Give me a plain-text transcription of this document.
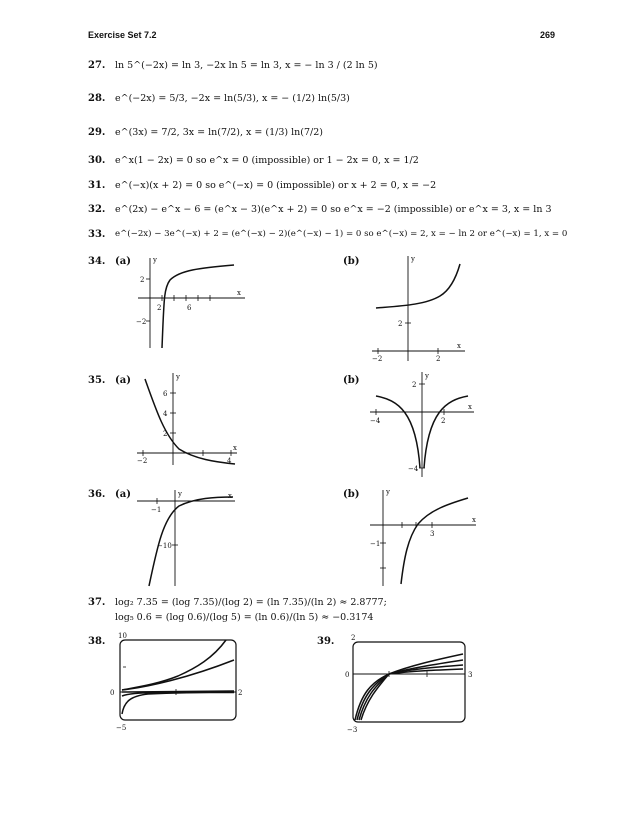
Exercise Set 7.2	269
27. ln 5^(−2x) = ln 3, −2x ln 5 = ln 3, x = − ln 3 / (2 ln 5)
28. e^(−2x) = 5/3, −2x = ln(5/3), x = − (1/2) ln(5/3)
29. e^(3x) = 7/2, 3x = ln(7/2), x = (1/3) ln(7/2)
30. e^x(1 − 2x) = 0 so e^x = 0 (impossible) or 1 − 2x = 0, x = 1/2
31. e^(−x)(x + 2) = 0 so e^(−x) = 0 (impossible) or x + 2 = 0, x = −2
32. e^(2x) − e^x − 6 = (e^x − 3)(e^x + 2) = 0 so e^x = −2 (impossible) or e^x = 3, x = ln 3
33. e^(−2x) − 3e^(−x) + 2 = (e^(−x) − 2)(e^(−x) − 1) = 0 so e^(−x) = 2, x = − ln 2 or e^(−x) = 1, x = 0
34. (a)	(b)
2	6
2
−2
x
y
2
−2	2
x
y
35. (a)	(b)
6
4
2
−2	4
x
y
2
−4	2
−4
x
y
36. (a)	(b)
−1
−10
x
y
3
−1
x
y
37. log₂ 7.35 = (log 7.35)/(log 2) = (ln 7.35)/(ln 2) ≈ 2.8777;
log₅ 0.6 = (log 0.6)/(log 5) = (ln 0.6)/(ln 5) ≈ −0.3174
38.	39.
10
0	2
−5
2
0	3
−3
